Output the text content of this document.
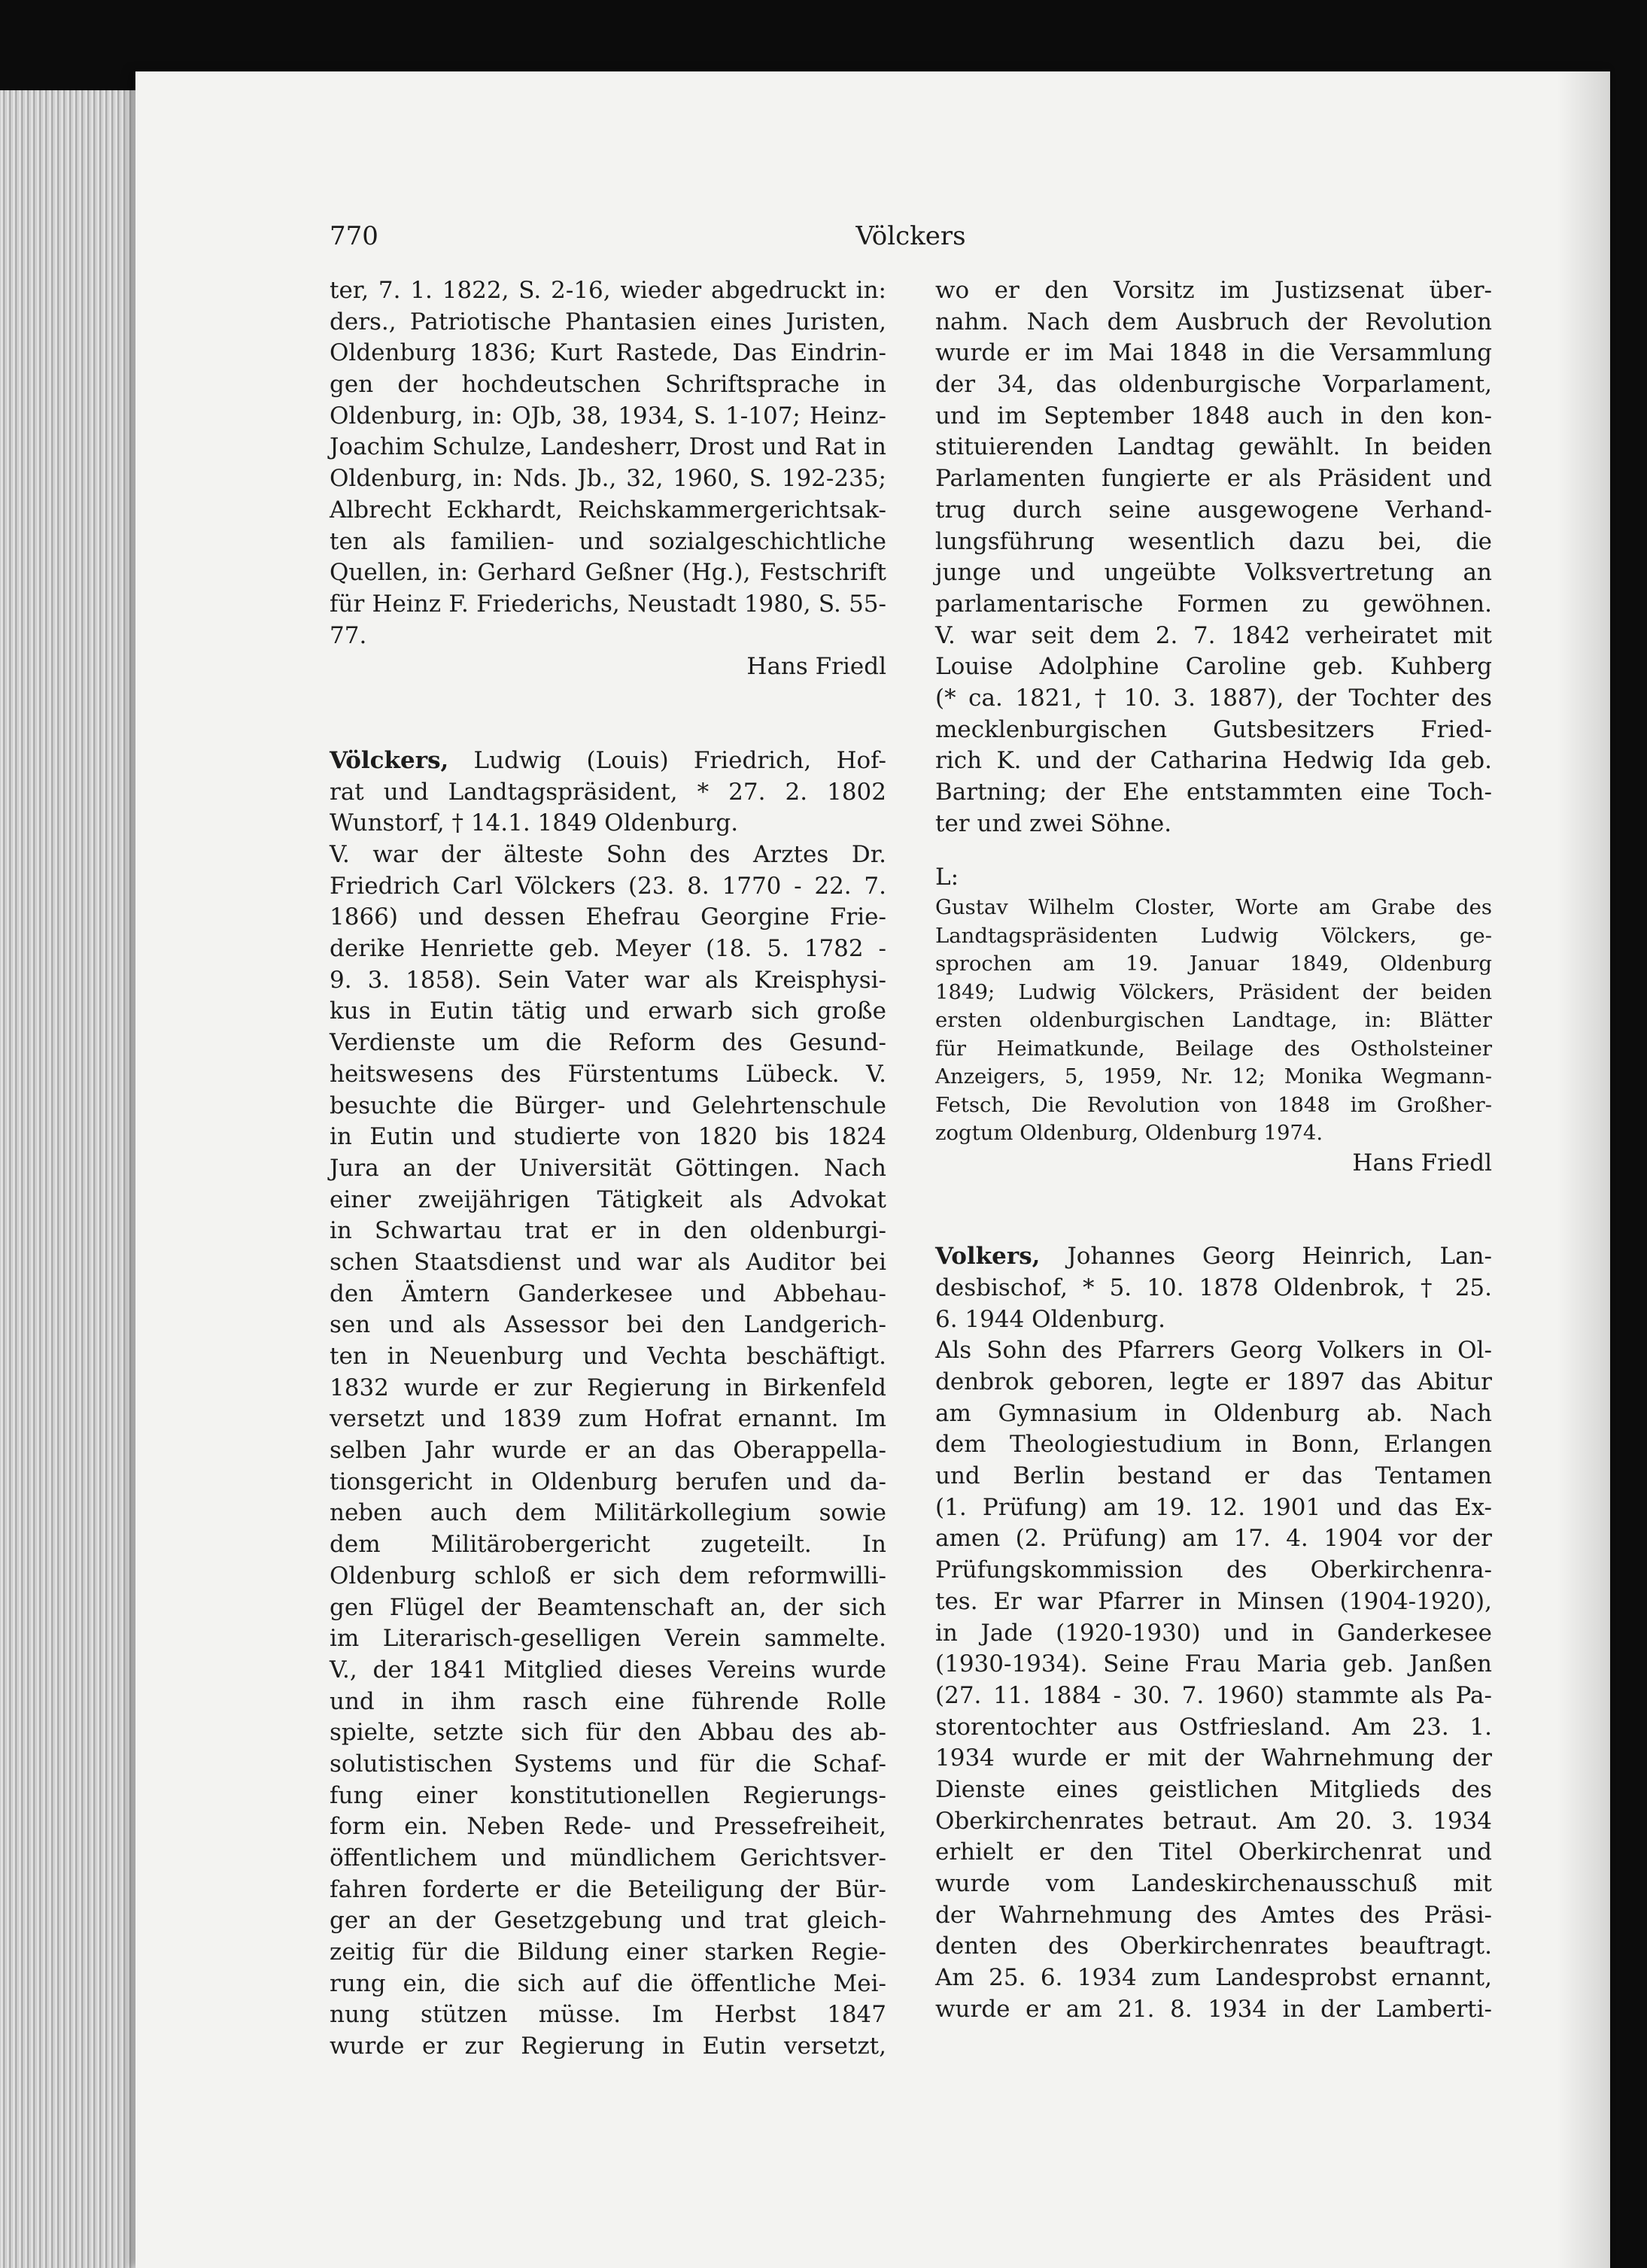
770	Völckers
ter, 7. 1. 1822, S. 2-16, wieder abgedruckt in:
ders., Patriotische Phantasien eines Juristen,
Oldenburg 1836; Kurt Rastede, Das Eindrin-
gen der hochdeutschen Schriftsprache in
Oldenburg, in: OJb, 38, 1934, S. 1-107; Heinz-
Joachim Schulze, Landesherr, Drost und Rat in
Oldenburg, in: Nds. Jb., 32, 1960, S. 192-235;
Albrecht Eckhardt, Reichskammergerichtsak-
ten als familien- und sozialgeschichtliche
Quellen, in: Gerhard Geßner (Hg.), Festschrift
für Heinz F. Friederichs, Neustadt 1980, S. 55-
77.
Hans Friedl
Völckers, Ludwig (Louis) Friedrich, Hof-
rat und Landtagspräsident, * 27. 2. 1802
Wunstorf, † 14.1. 1849 Oldenburg.
V. war der älteste Sohn des Arztes Dr.
Friedrich Carl Völckers (23. 8. 1770 - 22. 7.
1866) und dessen Ehefrau Georgine Frie-
derike Henriette geb. Meyer (18. 5. 1782 -
9. 3. 1858). Sein Vater war als Kreisphysi-
kus in Eutin tätig und erwarb sich große
Verdienste um die Reform des Gesund-
heitswesens des Fürstentums Lübeck. V.
besuchte die Bürger- und Gelehrtenschule
in Eutin und studierte von 1820 bis 1824
Jura an der Universität Göttingen. Nach
einer zweijährigen Tätigkeit als Advokat
in Schwartau trat er in den oldenburgi-
schen Staatsdienst und war als Auditor bei
den Ämtern Ganderkesee und Abbehau-
sen und als Assessor bei den Landgerich-
ten in Neuenburg und Vechta beschäftigt.
1832 wurde er zur Regierung in Birkenfeld
versetzt und 1839 zum Hofrat ernannt. Im
selben Jahr wurde er an das Oberappella-
tionsgericht in Oldenburg berufen und da-
neben auch dem Militärkollegium sowie
dem Militärobergericht zugeteilt. In
Oldenburg schloß er sich dem reformwilli-
gen Flügel der Beamtenschaft an, der sich
im Literarisch-geselligen Verein sammelte.
V., der 1841 Mitglied dieses Vereins wurde
und in ihm rasch eine führende Rolle
spielte, setzte sich für den Abbau des ab-
solutistischen Systems und für die Schaf-
fung einer konstitutionellen Regierungs-
form ein. Neben Rede- und Pressefreiheit,
öffentlichem und mündlichem Gerichtsver-
fahren forderte er die Beteiligung der Bür-
ger an der Gesetzgebung und trat gleich-
zeitig für die Bildung einer starken Regie-
rung ein, die sich auf die öffentliche Mei-
nung stützen müsse. Im Herbst 1847
wurde er zur Regierung in Eutin versetzt,
wo er den Vorsitz im Justizsenat über-
nahm. Nach dem Ausbruch der Revolution
wurde er im Mai 1848 in die Versammlung
der 34, das oldenburgische Vorparlament,
und im September 1848 auch in den kon-
stituierenden Landtag gewählt. In beiden
Parlamenten fungierte er als Präsident und
trug durch seine ausgewogene Verhand-
lungsführung wesentlich dazu bei, die
junge und ungeübte Volksvertretung an
parlamentarische Formen zu gewöhnen.
V. war seit dem 2. 7. 1842 verheiratet mit
Louise Adolphine Caroline geb. Kuhberg
(* ca. 1821, † 10. 3. 1887), der Tochter des
mecklenburgischen Gutsbesitzers Fried-
rich K. und der Catharina Hedwig Ida geb.
Bartning; der Ehe entstammten eine Toch-
ter und zwei Söhne.
L:
Gustav Wilhelm Closter, Worte am Grabe des
Landtagspräsidenten Ludwig Völckers, ge-
sprochen am 19. Januar 1849, Oldenburg
1849; Ludwig Völckers, Präsident der beiden
ersten oldenburgischen Landtage, in: Blätter
für Heimatkunde, Beilage des Ostholsteiner
Anzeigers, 5, 1959, Nr. 12; Monika Wegmann-
Fetsch, Die Revolution von 1848 im Großher-
zogtum Oldenburg, Oldenburg 1974.
Hans Friedl
Volkers, Johannes Georg Heinrich, Lan-
desbischof, * 5. 10. 1878 Oldenbrok, † 25.
6. 1944 Oldenburg.
Als Sohn des Pfarrers Georg Volkers in Ol-
denbrok geboren, legte er 1897 das Abitur
am Gymnasium in Oldenburg ab. Nach
dem Theologiestudium in Bonn, Erlangen
und Berlin bestand er das Tentamen
(1. Prüfung) am 19. 12. 1901 und das Ex-
amen (2. Prüfung) am 17. 4. 1904 vor der
Prüfungskommission des Oberkirchenra-
tes. Er war Pfarrer in Minsen (1904-1920),
in Jade (1920-1930) und in Ganderkesee
(1930-1934). Seine Frau Maria geb. Janßen
(27. 11. 1884 - 30. 7. 1960) stammte als Pa-
storentochter aus Ostfriesland. Am 23. 1.
1934 wurde er mit der Wahrnehmung der
Dienste eines geistlichen Mitglieds des
Oberkirchenrates betraut. Am 20. 3. 1934
erhielt er den Titel Oberkirchenrat und
wurde vom Landeskirchenausschuß mit
der Wahrnehmung des Amtes des Präsi-
denten des Oberkirchenrates beauftragt.
Am 25. 6. 1934 zum Landesprobst ernannt,
wurde er am 21. 8. 1934 in der Lamberti-
